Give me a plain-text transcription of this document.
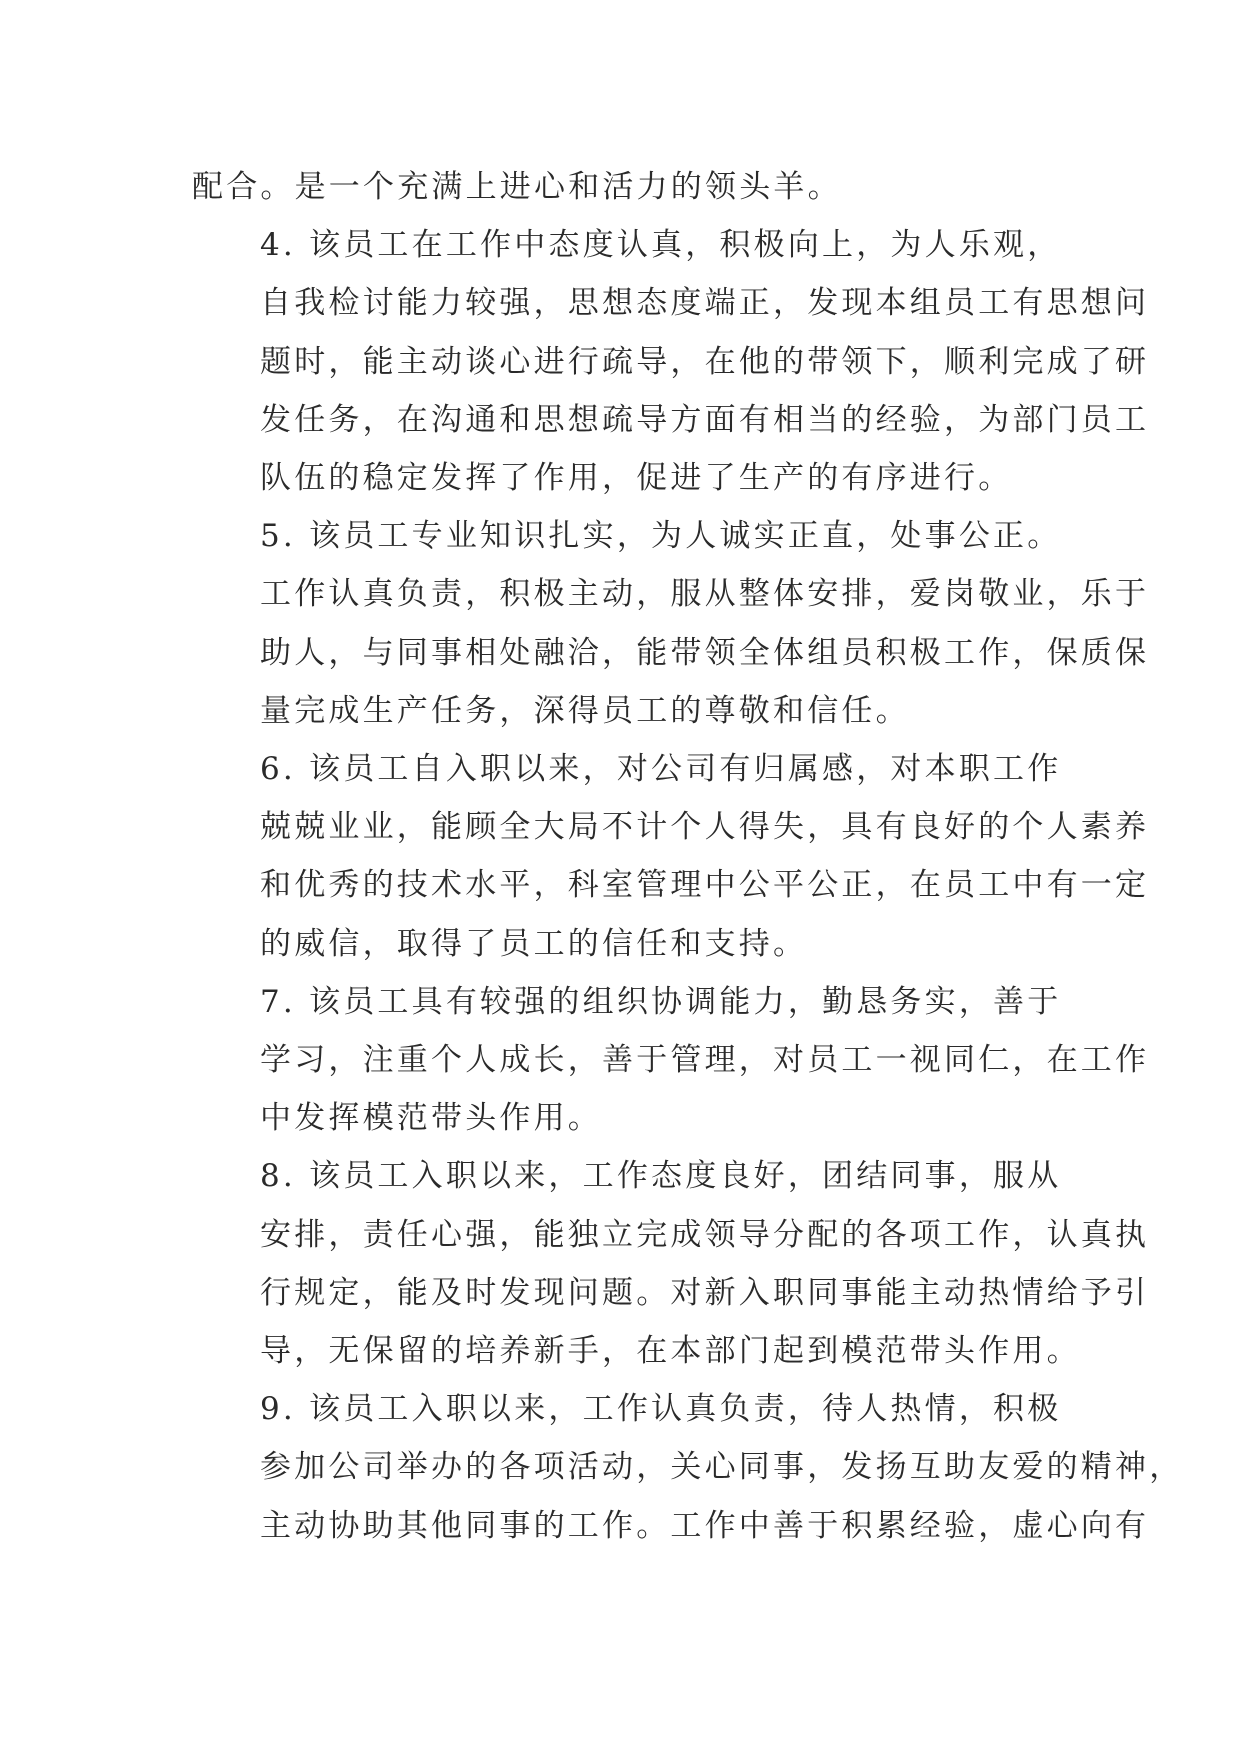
配合。是一个充满上进心和活力的领头羊。

4. 该员工在工作中态度认真，积极向上，为人乐观，
自我检讨能力较强，思想态度端正，发现本组员工有思想问
题时，能主动谈心进行疏导，在他的带领下，顺利完成了研
发任务，在沟通和思想疏导方面有相当的经验，为部门员工
队伍的稳定发挥了作用，促进了生产的有序进行。

5. 该员工专业知识扎实，为人诚实正直，处事公正。
工作认真负责，积极主动，服从整体安排，爱岗敬业，乐于
助人，与同事相处融洽，能带领全体组员积极工作，保质保
量完成生产任务，深得员工的尊敬和信任。

6. 该员工自入职以来，对公司有归属感，对本职工作
兢兢业业，能顾全大局不计个人得失，具有良好的个人素养
和优秀的技术水平，科室管理中公平公正，在员工中有一定
的威信，取得了员工的信任和支持。

7. 该员工具有较强的组织协调能力，勤恳务实，善于
学习，注重个人成长，善于管理，对员工一视同仁，在工作
中发挥模范带头作用。

8. 该员工入职以来，工作态度良好，团结同事，服从
安排，责任心强，能独立完成领导分配的各项工作，认真执
行规定，能及时发现问题。对新入职同事能主动热情给予引
导，无保留的培养新手，在本部门起到模范带头作用。

9. 该员工入职以来，工作认真负责，待人热情，积极
参加公司举办的各项活动，关心同事，发扬互助友爱的精神，
主动协助其他同事的工作。工作中善于积累经验，虚心向有
